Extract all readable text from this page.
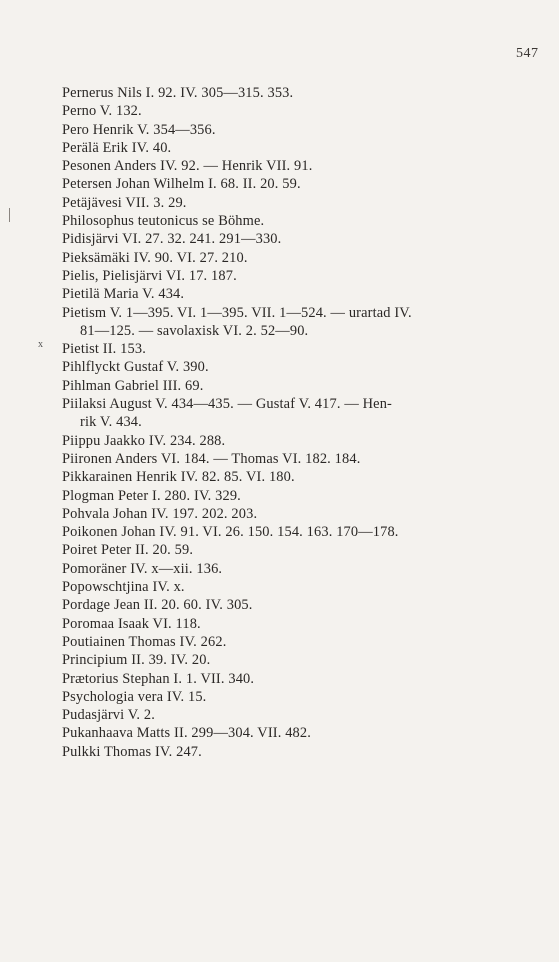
547
x
Pernerus Nils I. 92. IV. 305—315. 353.
Perno V. 132.
Pero Henrik V. 354—356.
Perälä Erik IV. 40.
Pesonen Anders IV. 92. — Henrik VII. 91.
Petersen Johan Wilhelm I. 68. II. 20. 59.
Petäjävesi VII. 3. 29.
Philosophus teutonicus se Böhme.
Pidisjärvi VI. 27. 32. 241. 291—330.
Pieksämäki IV. 90. VI. 27. 210.
Pielis, Pielisjärvi VI. 17. 187.
Pietilä Maria V. 434.
Pietism V. 1—395. VI. 1—395. VII. 1—524. — urartad IV.
81—125. — savolaxisk VI. 2. 52—90.
Pietist II. 153.
Pihlflyckt Gustaf V. 390.
Pihlman Gabriel III. 69.
Piilaksi August V. 434—435. — Gustaf V. 417. — Hen-
rik V. 434.
Piippu Jaakko IV. 234. 288.
Piironen Anders VI. 184. — Thomas VI. 182. 184.
Pikkarainen Henrik IV. 82. 85. VI. 180.
Plogman Peter I. 280. IV. 329.
Pohvala Johan IV. 197. 202. 203.
Poikonen Johan IV. 91. VI. 26. 150. 154. 163. 170—178.
Poiret Peter II. 20. 59.
Pomoräner IV. x—xii. 136.
Popowschtjina IV. x.
Pordage Jean II. 20. 60. IV. 305.
Poromaa Isaak VI. 118.
Poutiainen Thomas IV. 262.
Principium II. 39. IV. 20.
Prætorius Stephan I. 1. VII. 340.
Psychologia vera IV. 15.
Pudasjärvi V. 2.
Pukanhaava Matts II. 299—304. VII. 482.
Pulkki Thomas IV. 247.
